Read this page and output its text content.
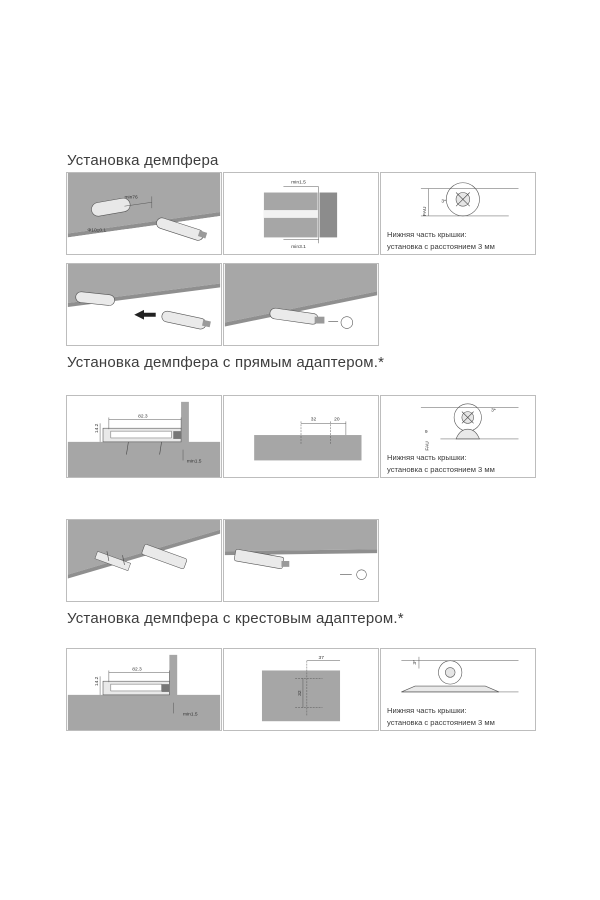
Установка демпфера
min76
Φ10±0.1
min1.5
min3.1
FAU
3*
Нижняя часть крышки:
установка с расстоянием 3 мм
Установка демпфера с прямым адаптером.*
82.3
14.2
min1.5
32	20
3*
9
FAU
Нижняя часть крышки:
установка с расстоянием 3 мм
Установка демпфера с крестовым адаптером.*
82.3
14.2
min1.5
37
32
3*
Нижняя часть крышки:
установка с расстоянием 3 мм
